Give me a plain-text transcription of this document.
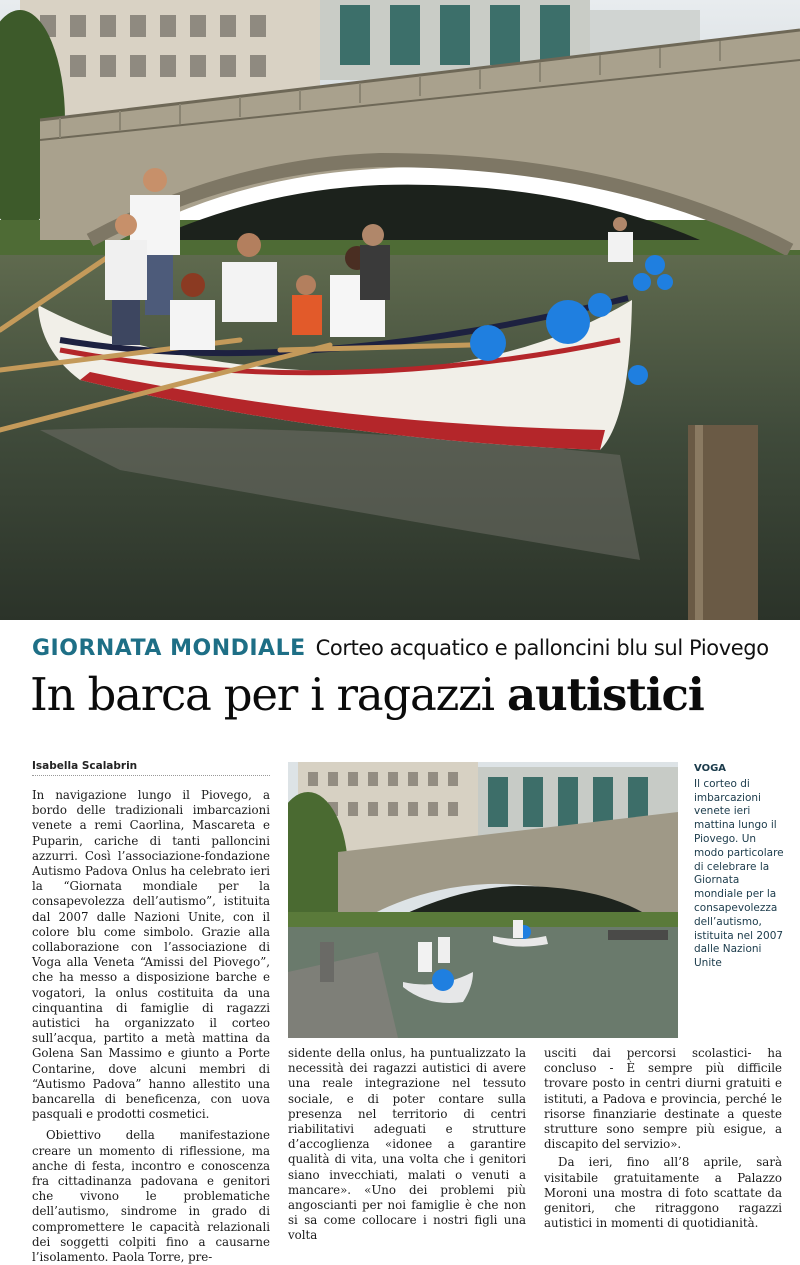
GIORNATA MONDIALE Corteo acquatico e palloncini blu sul Piovego
In barca per i ragazzi autistici
Isabella Scalabrin

In navigazione lungo il Piovego, a bordo delle tradizionali imbarcazioni venete a remi Caorlina, Mascareta e Puparin, cariche di tanti palloncini azzurri. Così l’associazione-fondazione Autismo Padova Onlus ha celebrato ieri la “Giornata mondiale per la consapevolezza dell’autismo”, istituita dal 2007 dalle Nazioni Unite, con il colore blu come simbolo. Grazie alla collaborazione con l’associazione di Voga alla Veneta “Amissi del Piovego”, che ha messo a disposizione barche e vogatori, la onlus costituita da una cinquantina di famiglie di ragazzi autistici ha organizzato il corteo sull’acqua, partito a metà mattina da Golena San Massimo e giunto a Porte Contarine, dove alcuni membri di “Autismo Padova” hanno allestito una bancarella di beneficenza, con uova pasquali e prodotti cosmetici.

Obiettivo della manifestazione creare un momento di riflessione, ma anche di festa, incontro e conoscenza fra cittadinanza padovana e genitori che vivono le problematiche dell’autismo, sindrome in grado di compromettere le capacità relazionali dei soggetti colpiti fino a causarne l’isolamento. Paola Torre, pre-

VOGA
Il corteo di imbarcazioni venete ieri mattina lungo il Piovego. Un modo particolare di celebrare la Giornata mondiale per la consapevolezza dell’autismo, istituita nel 2007 dalle Nazioni Unite

sidente della onlus, ha puntualizzato la necessità dei ragazzi autistici di avere una reale integrazione nel tessuto sociale, e di poter contare sulla presenza nel territorio di centri riabilitativi adeguati e strutture d’accoglienza «idonee a garantire qualità di vita, una volta che i genitori siano invecchiati, malati o venuti a mancare». «Uno dei problemi più angoscianti per noi famiglie è che non si sa come collocare i nostri figli una volta

usciti dai percorsi scolastici- ha concluso - È sempre più difficile trovare posto in centri diurni gratuiti e istituti, a Padova e provincia, perché le risorse finanziarie destinate a queste strutture sono sempre più esigue, a discapito del servizio».

Da ieri, fino all’8 aprile, sarà visitabile gratuitamente a Palazzo Moroni una mostra di foto scattate da genitori, che ritraggono ragazzi autistici in momenti di quotidianità.
